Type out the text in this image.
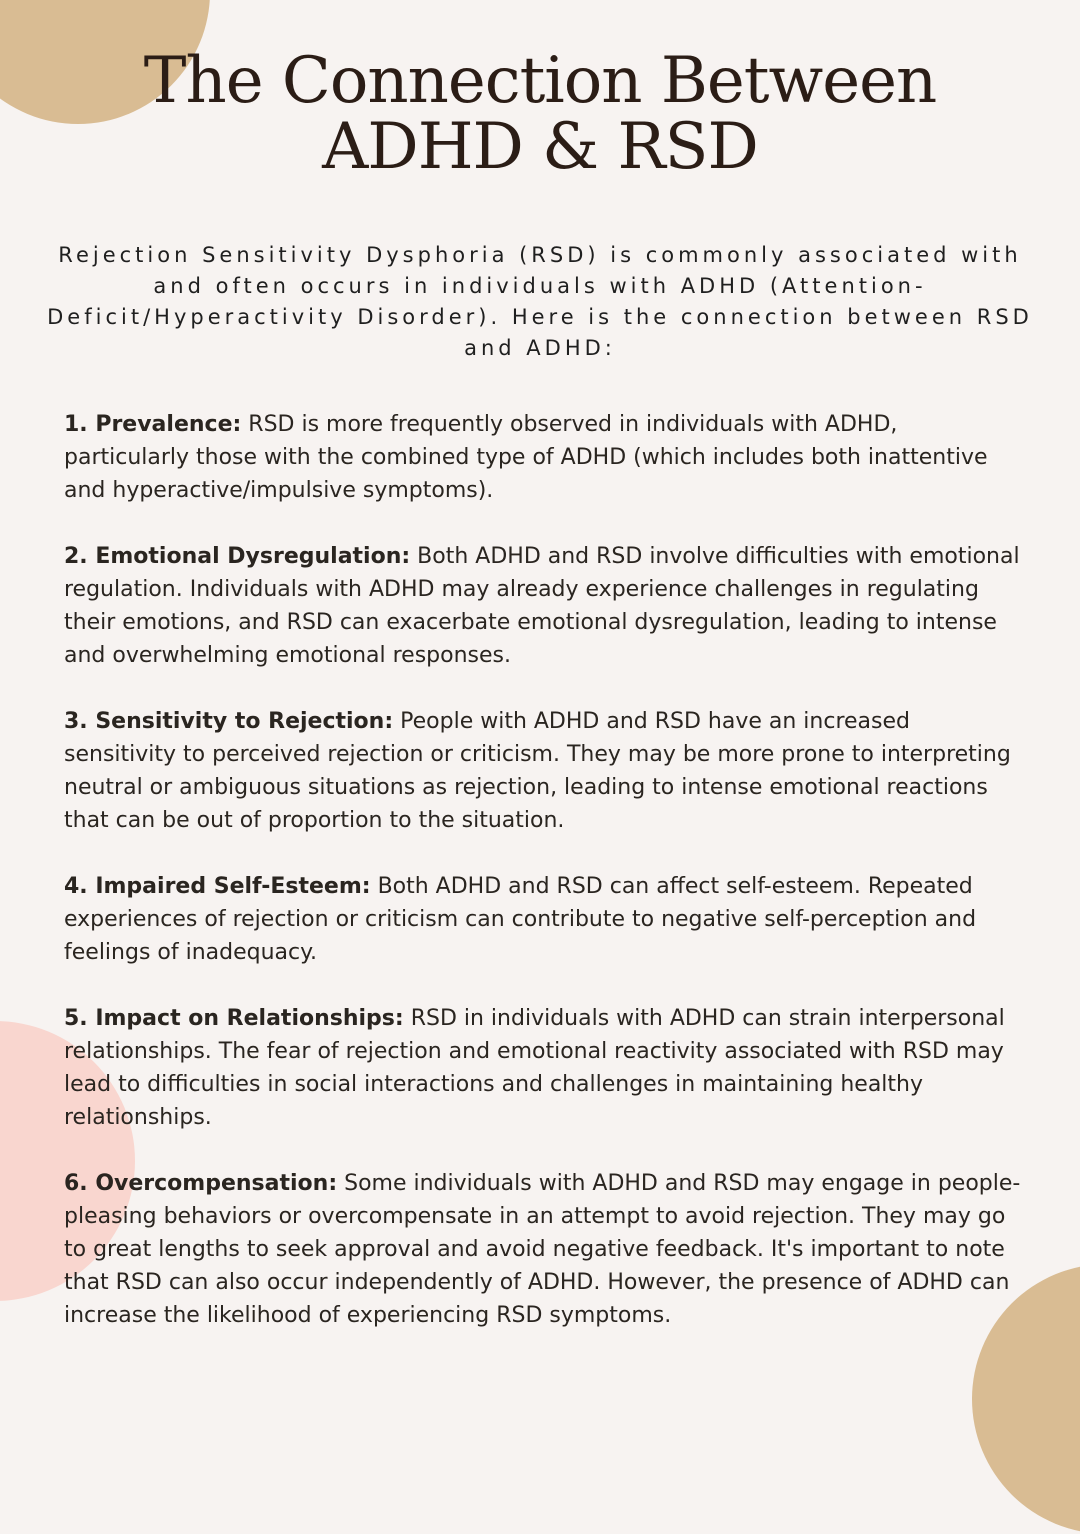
The Connection Between
ADHD & RSD

Rejection Sensitivity Dysphoria (RSD) is commonly associated with and often occurs in individuals with ADHD (Attention-Deficit/Hyperactivity Disorder). Here is the connection between RSD and ADHD:

1. Prevalence: RSD is more frequently observed in individuals with ADHD, particularly those with the combined type of ADHD (which includes both inattentive and hyperactive/impulsive symptoms).

2. Emotional Dysregulation: Both ADHD and RSD involve difficulties with emotional regulation. Individuals with ADHD may already experience challenges in regulating their emotions, and RSD can exacerbate emotional dysregulation, leading to intense and overwhelming emotional responses.

3. Sensitivity to Rejection: People with ADHD and RSD have an increased sensitivity to perceived rejection or criticism. They may be more prone to interpreting neutral or ambiguous situations as rejection, leading to intense emotional reactions that can be out of proportion to the situation.

4. Impaired Self-Esteem: Both ADHD and RSD can affect self-esteem. Repeated experiences of rejection or criticism can contribute to negative self-perception and feelings of inadequacy.

5. Impact on Relationships: RSD in individuals with ADHD can strain interpersonal relationships. The fear of rejection and emotional reactivity associated with RSD may lead to difficulties in social interactions and challenges in maintaining healthy relationships.

6. Overcompensation: Some individuals with ADHD and RSD may engage in people-pleasing behaviors or overcompensate in an attempt to avoid rejection. They may go to great lengths to seek approval and avoid negative feedback. It's important to note that RSD can also occur independently of ADHD. However, the presence of ADHD can increase the likelihood of experiencing RSD symptoms.
